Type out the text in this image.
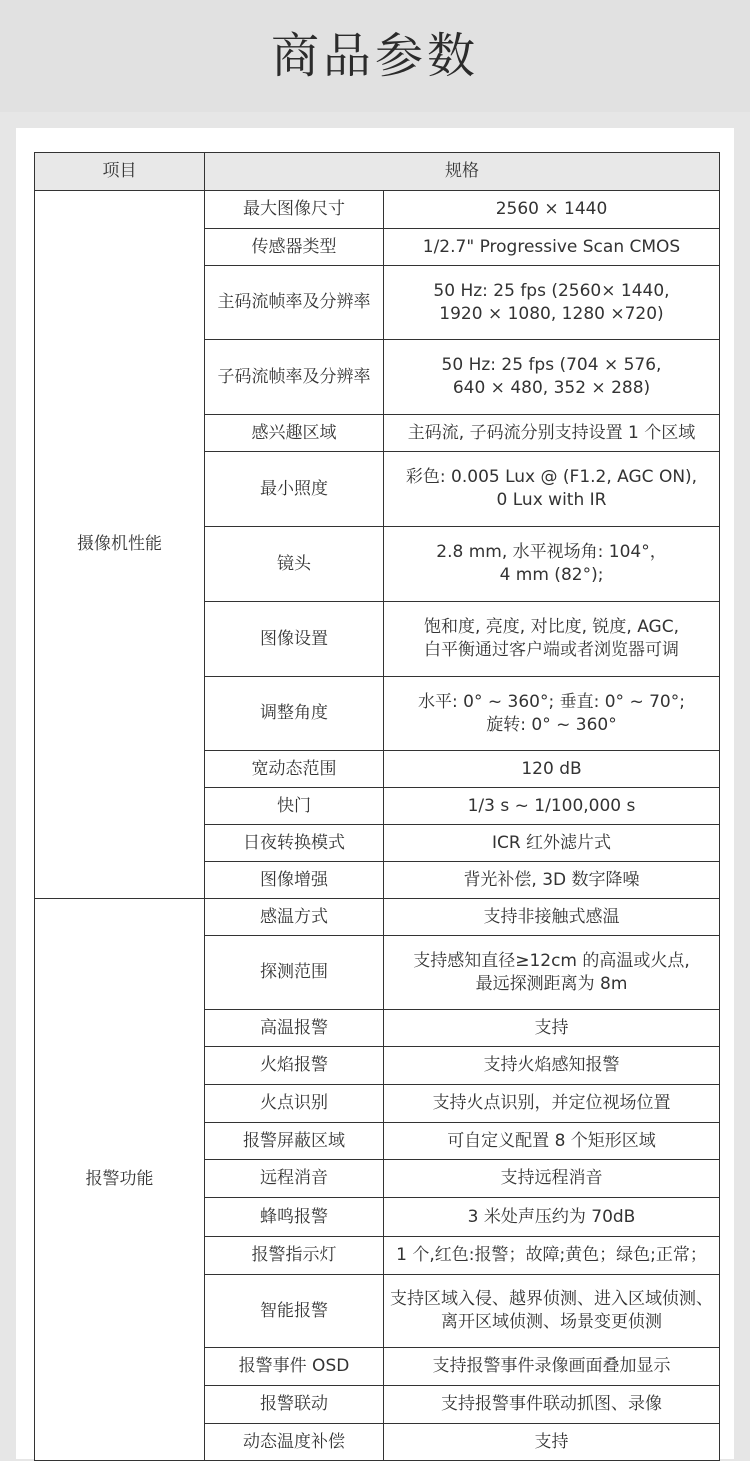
商品参数
项目	规格	
摄像机性能	最大图像尺寸	2560 × 1440
	传感器类型	1/2.7" Progressive Scan CMOS
	主码流帧率及分辨率	50 Hz: 25 fps (2560× 1440,
1920 × 1080, 1280 ×720)
	子码流帧率及分辨率	50 Hz: 25 fps (704 × 576,
640 × 480, 352 × 288)
	感兴趣区域	主码流, 子码流分别支持设置 1 个区域
	最小照度	彩色: 0.005 Lux @ (F1.2, AGC ON),
0 Lux with IR
	镜头	2.8 mm, 水平视场角: 104°，
4 mm (82°);
	图像设置	饱和度, 亮度, 对比度, 锐度, AGC,
白平衡通过客户端或者浏览器可调
	调整角度	水平: 0° ~ 360°; 垂直: 0° ~ 70°;
旋转: 0° ~ 360°
	宽动态范围	120 dB
	快门	1/3 s ~ 1/100,000 s
	日夜转换模式	ICR 红外滤片式
	图像增强	背光补偿, 3D 数字降噪
报警功能	感温方式	支持非接触式感温
	探测范围	支持感知直径≥12cm 的高温或火点,
最远探测距离为 8m
	高温报警	支持
	火焰报警	支持火焰感知报警
	火点识别	支持火点识别，并定位视场位置
	报警屏蔽区域	可自定义配置 8 个矩形区域
	远程消音	支持远程消音
	蜂鸣报警	3 米处声压约为 70dB
	报警指示灯	1 个,红色:报警；故障;黄色；绿色;正常；
	智能报警	支持区域入侵、越界侦测、进入区域侦测、
离开区域侦测、场景变更侦测
	报警事件 OSD	支持报警事件录像画面叠加显示
	报警联动	支持报警事件联动抓图、录像
	动态温度补偿	支持
